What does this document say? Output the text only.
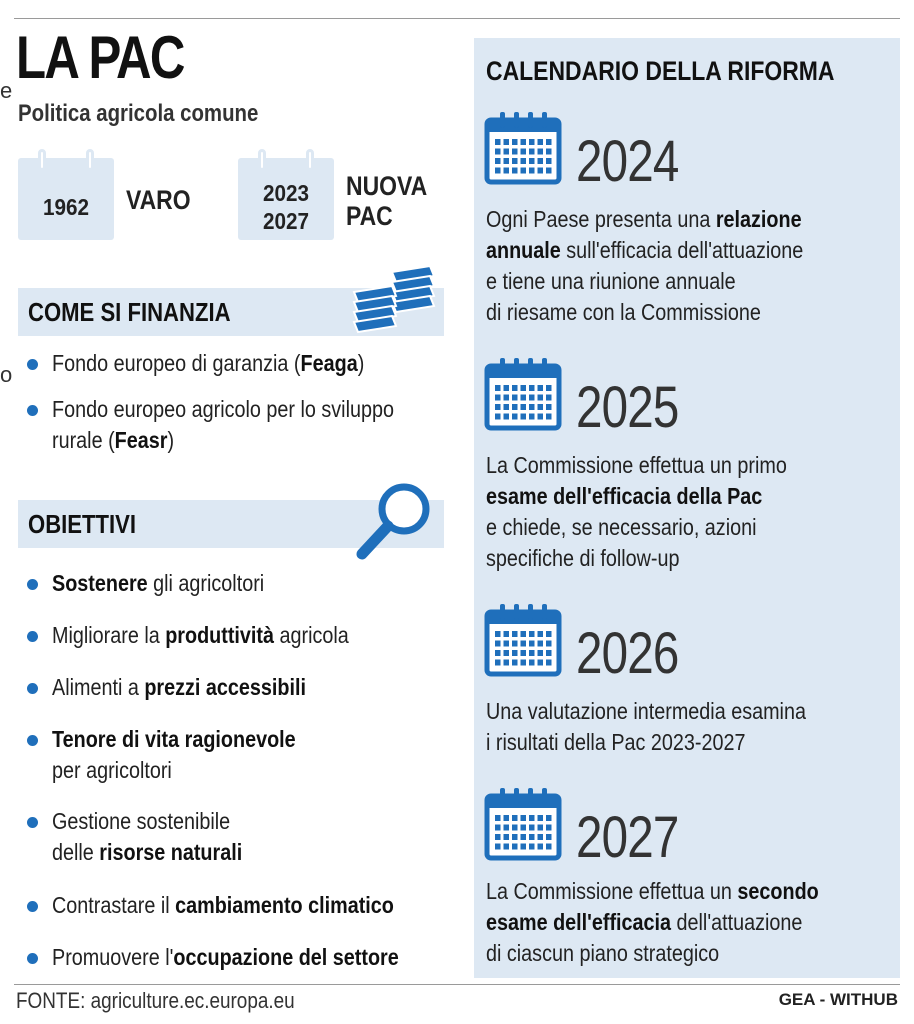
e
o
LA PAC

Politica agricola comune

1962	VARO	2023
2027
NUOVA
PAC
COME SI FINANZIA
Fondo europeo di garanzia (Feaga)
Fondo europeo agricolo per lo sviluppo
rurale (Feasr)
OBIETTIVI
Sostenere gli agricoltori
Migliorare la produttività agricola
Alimenti a prezzi accessibili
Tenore di vita ragionevole
per agricoltori
Gestione sostenibile
delle risorse naturali
Contrastare il cambiamento climatico
Promuovere l'occupazione del settore
CALENDARIO DELLA RIFORMA
2024
Ogni Paese presenta una relazione
annuale sull'efficacia dell'attuazione
e tiene una riunione annuale
di riesame con la Commissione
2025
La Commissione effettua un primo
esame dell'efficacia della Pac
e chiede, se necessario, azioni
specifiche di follow-up
2026
Una valutazione intermedia esamina
i risultati della Pac 2023-2027
2027
La Commissione effettua un secondo
esame dell'efficacia dell'attuazione
di ciascun piano strategico
FONTE: agriculture.ec.europa.eu	GEA - WITHUB
